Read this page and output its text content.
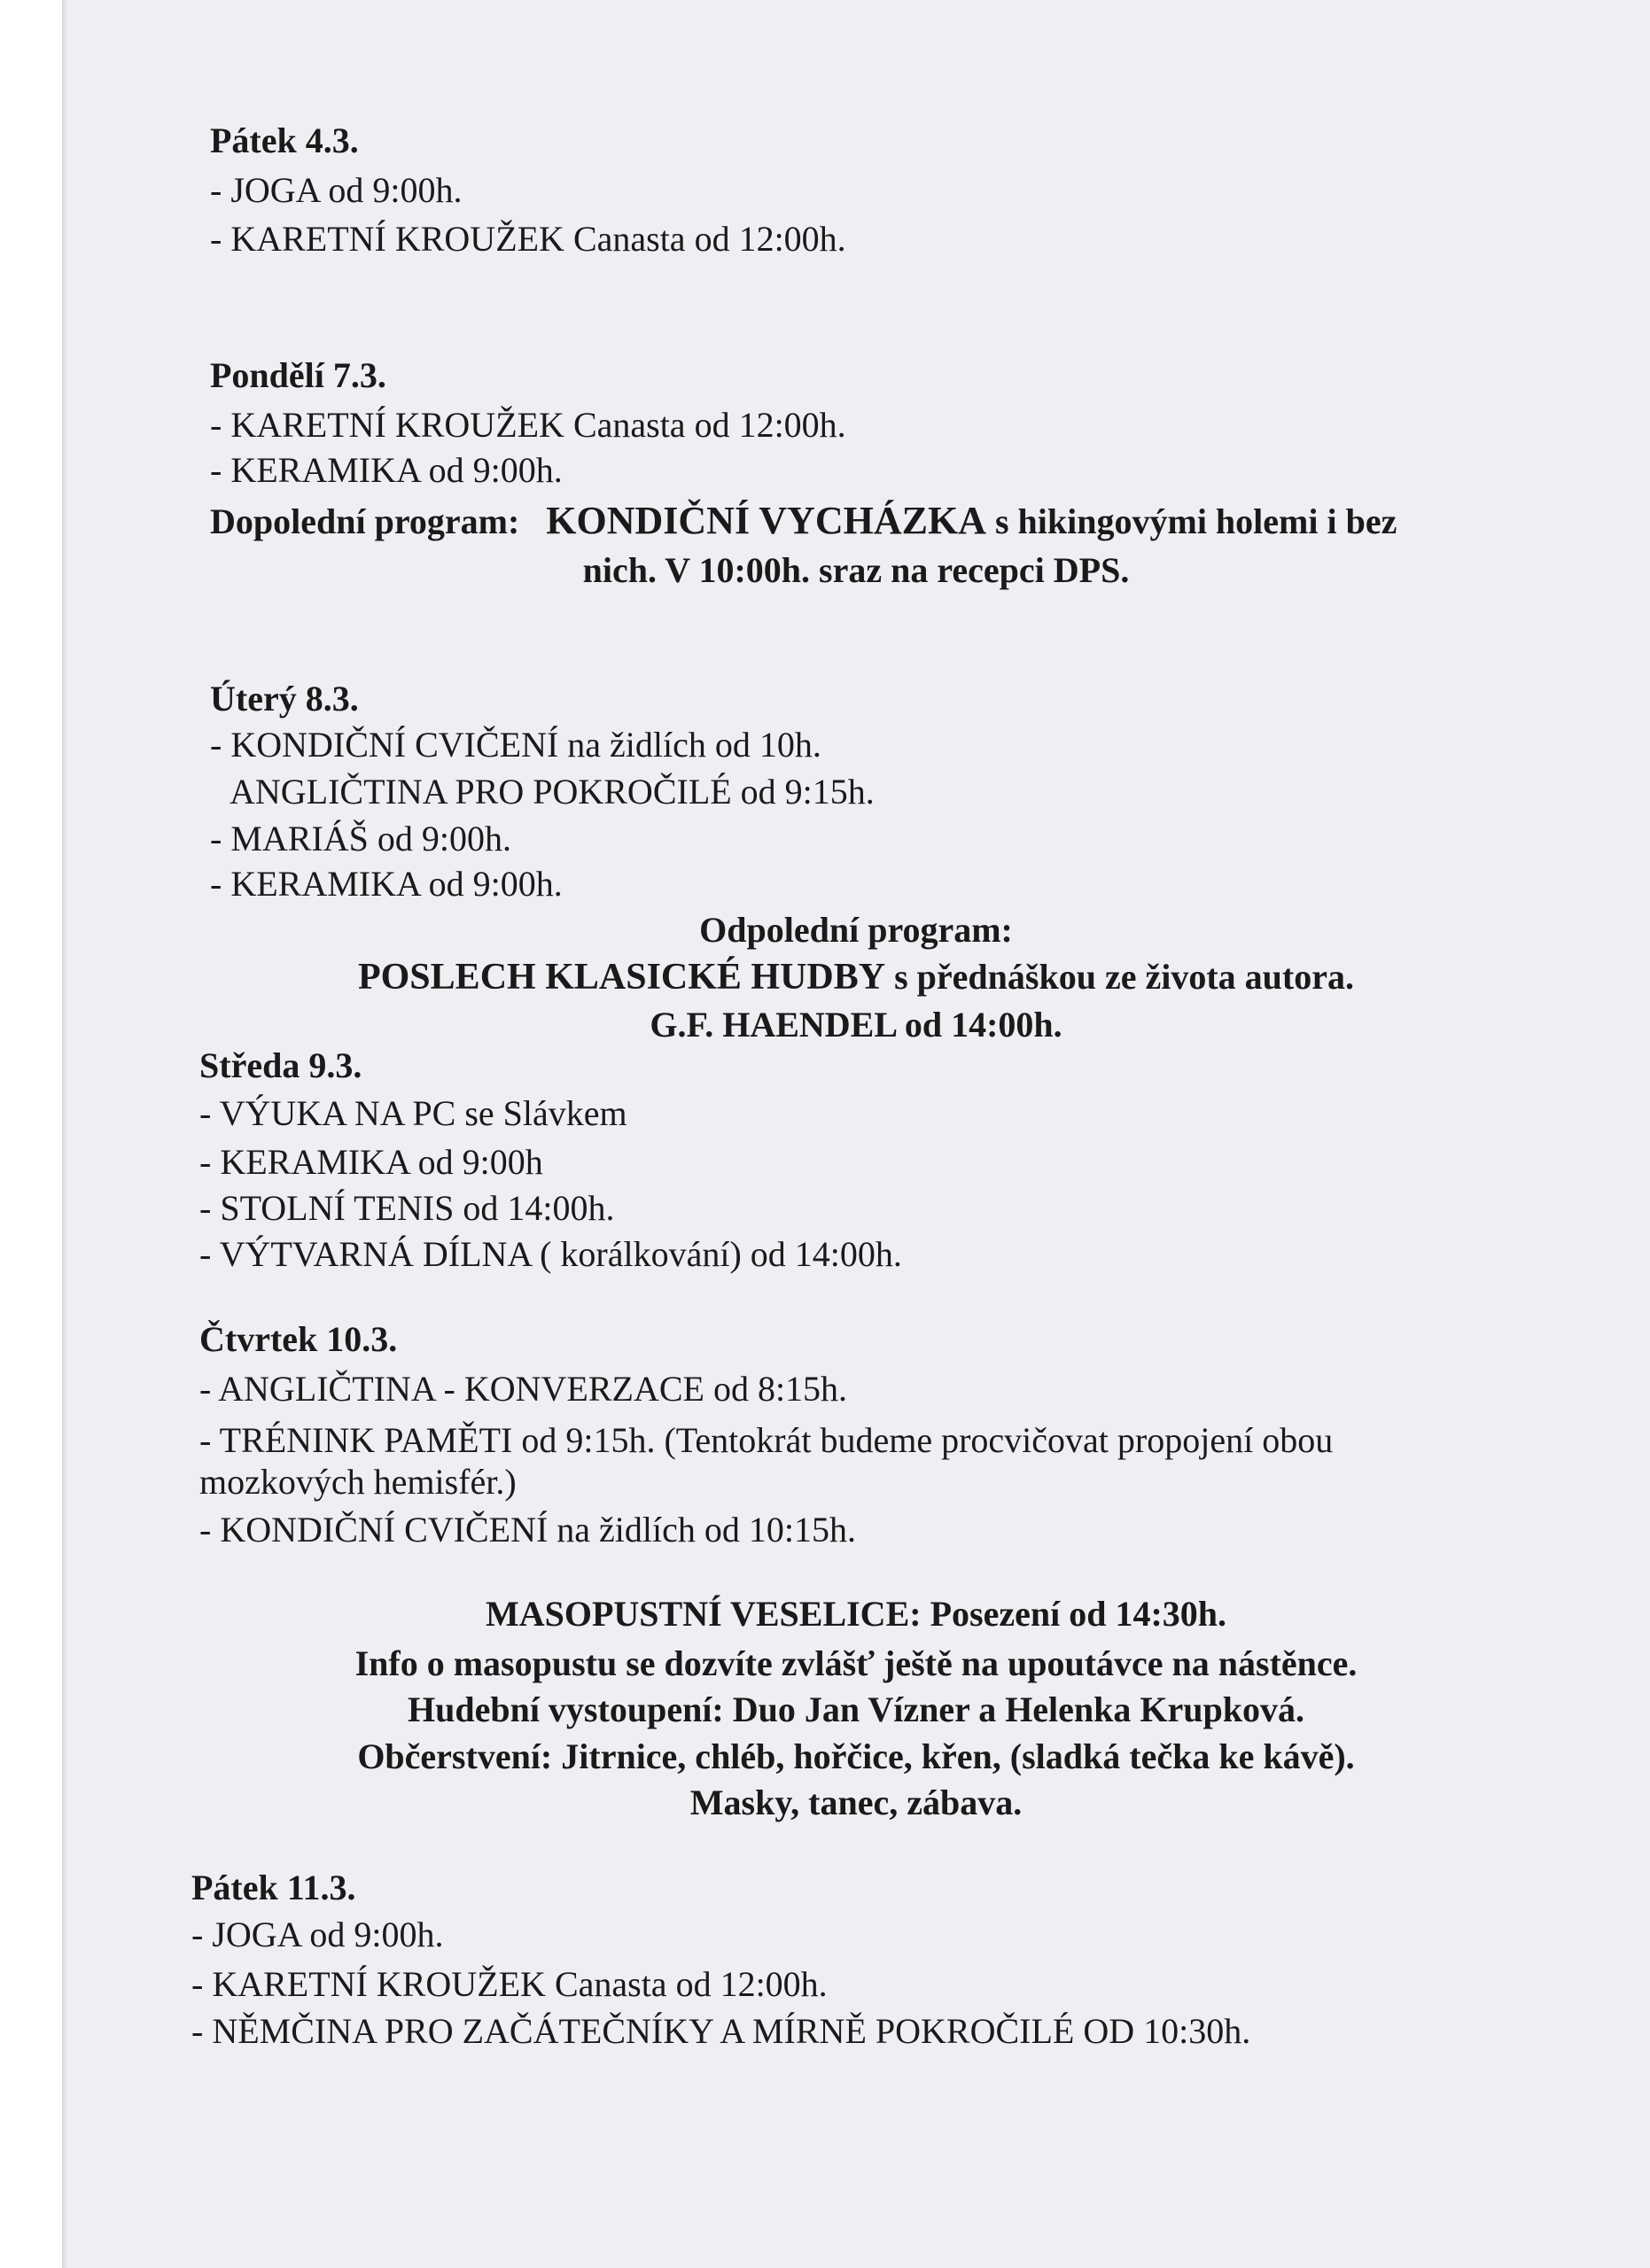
Pátek 4.3.
- JOGA od 9:00h.
- KARETNÍ KROUŽEK Canasta od 12:00h.
Pondělí 7.3.
- KARETNÍ KROUŽEK Canasta od 12:00h.
- KERAMIKA od 9:00h.
Dopolední program: KONDIČNÍ VYCHÁZKA s hikingovými holemi i bez
nich. V 10:00h. sraz na recepci DPS.
Úterý 8.3.
- KONDIČNÍ CVIČENÍ na židlích od 10h.
ANGLIČTINA PRO POKROČILÉ od 9:15h.
- MARIÁŠ od 9:00h.
- KERAMIKA od 9:00h.
Odpolední program:
POSLECH KLASICKÉ HUDBY s přednáškou ze života autora.
G.F. HAENDEL od 14:00h.
Středa 9.3.
- VÝUKA NA PC se Slávkem
- KERAMIKA od 9:00h
- STOLNÍ TENIS od 14:00h.
- VÝTVARNÁ DÍLNA ( korálkování) od 14:00h.
Čtvrtek 10.3.
- ANGLIČTINA - KONVERZACE od 8:15h.
- TRÉNINK PAMĚTI od 9:15h. (Tentokrát budeme procvičovat propojení obou
mozkových hemisfér.)
- KONDIČNÍ CVIČENÍ na židlích od 10:15h.
MASOPUSTNÍ VESELICE: Posezení od 14:30h.
Info o masopustu se dozvíte zvlášť ještě na upoutávce na nástěnce.
Hudební vystoupení: Duo Jan Vízner a Helenka Krupková.
Občerstvení: Jitrnice, chléb, hořčice, křen, (sladká tečka ke kávě).
Masky, tanec, zábava.
Pátek 11.3.
- JOGA od 9:00h.
- KARETNÍ KROUŽEK Canasta od 12:00h.
- NĚMČINA PRO ZAČÁTEČNÍKY A MÍRNĚ POKROČILÉ OD 10:30h.
